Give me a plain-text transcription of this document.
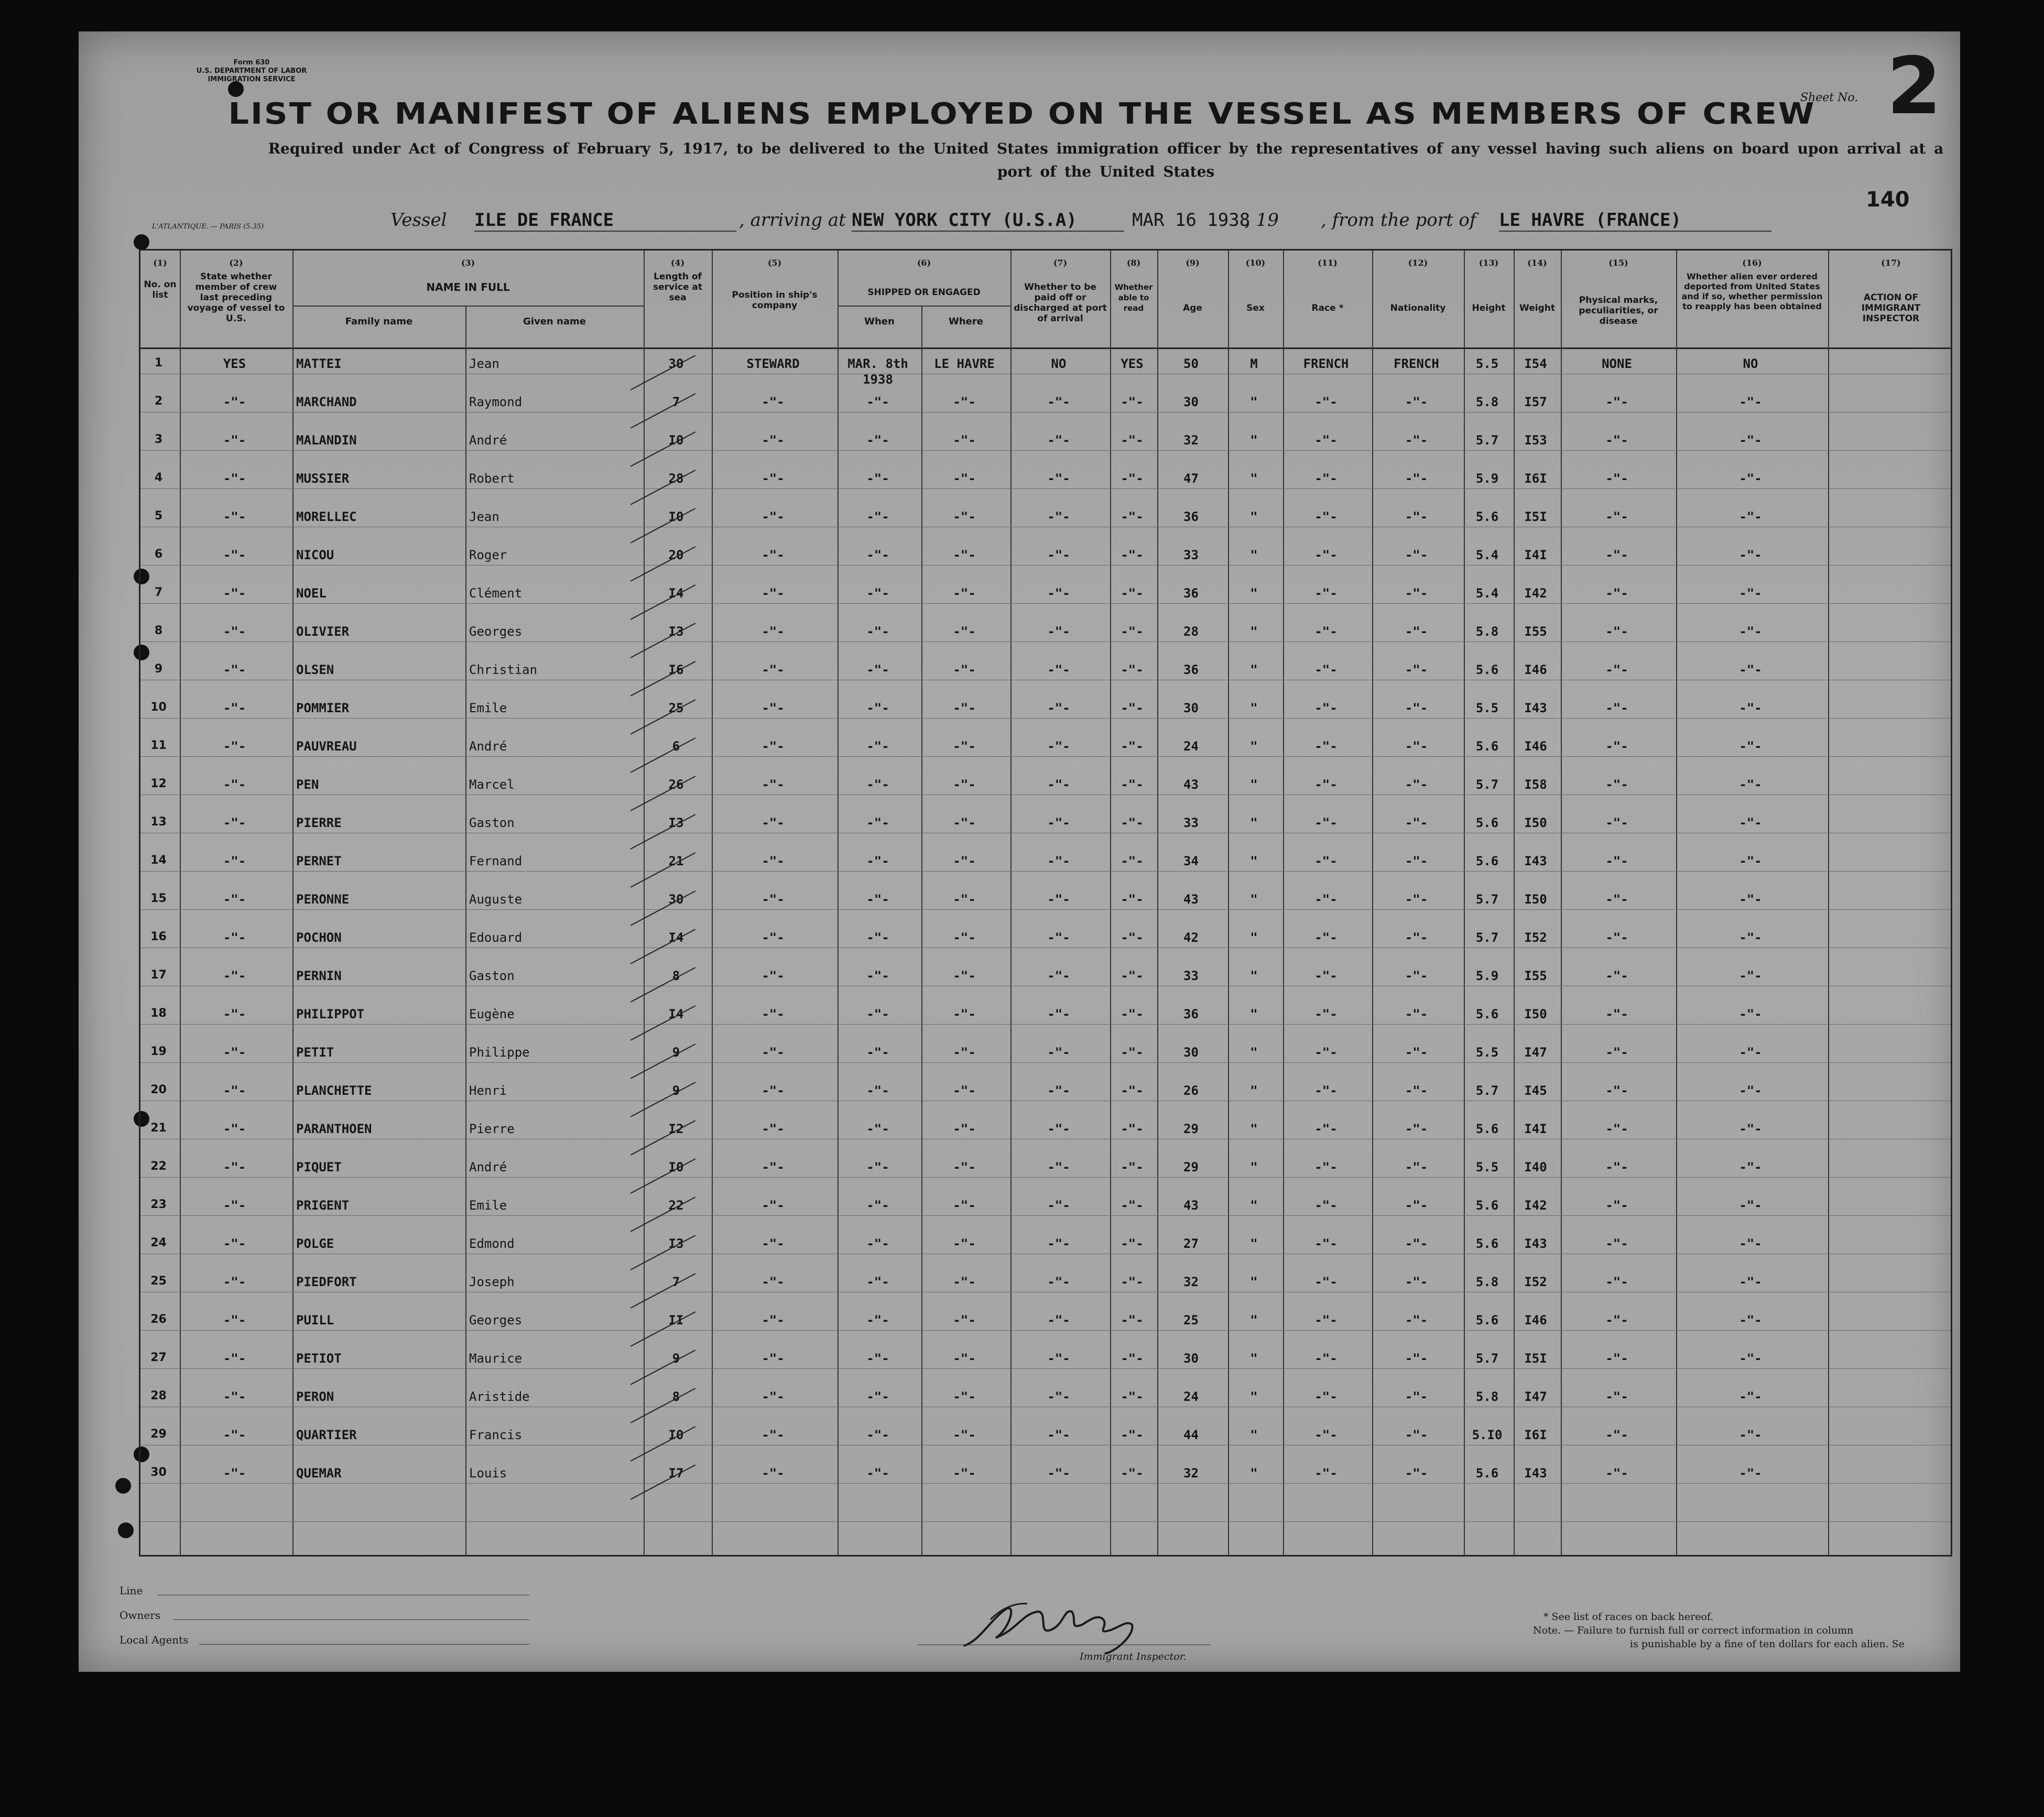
Form 630
U.S. DEPARTMENT OF LABOR
IMMIGRATION SERVICE
LIST OR MANIFEST OF ALIENS EMPLOYED ON THE VESSEL AS MEMBERS OF CREW
Required under Act of Congress of February 5, 1917, to be delivered to the United States immigration officer by the representatives of any vessel having such aliens on board upon arrival at a port of the United States
Sheet No. 2
140
L'ATLANTIQUE. — PARIS (5.35)	Vessel ILE DE FRANCE	, arriving at NEW YORK CITY (U.S.A)	MAR 16 1938
, 19 , from the port of LE HAVRE (FRANCE)
(1)
No. on list
(2)
State whether member of crew last preceding voyage of vessel to U.S.
(3)
NAME IN FULL
Family name	Given name
(4)
Length of service at sea
(5)
Position in ship's company
(6)
SHIPPED OR ENGAGED
When	Where
(7)
Whether to be paid off or discharged at port of arrival
(8)
Whether able to read
(9)
Age
(10)
Sex
(11)
Race *
(12)
Nationality
(13)
Height
(14)
Weight
(15)
Physical marks, peculiarities, or disease
(16)
Whether alien ever ordered deported from United States and if so, whether permission to reapply has been obtained
(17)
ACTION OF IMMIGRANT INSPECTOR
1	YES	MATTEI	Jean	30	STEWARD	MAR. 8th
1938
LE HAVRE	NO	YES	50	M	FRENCH	FRENCH	5.5	I54	NONE	NO
2	-"-	MARCHAND	Raymond	7	-"-	-"-	-"-	-"-	-"-	30	"	-"-	-"-	5.8	I57	-"-	-"-
3	-"-	MALANDIN	André	I0	-"-	-"-	-"-	-"-	-"-	32	"	-"-	-"-	5.7	I53	-"-	-"-
4	-"-	MUSSIER	Robert	28	-"-	-"-	-"-	-"-	-"-	47	"	-"-	-"-	5.9	I6I	-"-	-"-
5	-"-	MORELLEC	Jean	I0	-"-	-"-	-"-	-"-	-"-	36	"	-"-	-"-	5.6	I5I	-"-	-"-
6	-"-	NICOU	Roger	20	-"-	-"-	-"-	-"-	-"-	33	"	-"-	-"-	5.4	I4I	-"-	-"-
7	-"-	NOEL	Clément	I4	-"-	-"-	-"-	-"-	-"-	36	"	-"-	-"-	5.4	I42	-"-	-"-
8	-"-	OLIVIER	Georges	I3	-"-	-"-	-"-	-"-	-"-	28	"	-"-	-"-	5.8	I55	-"-	-"-
9	-"-	OLSEN	Christian	I6	-"-	-"-	-"-	-"-	-"-	36	"	-"-	-"-	5.6	I46	-"-	-"-
10	-"-	POMMIER	Emile	25	-"-	-"-	-"-	-"-	-"-	30	"	-"-	-"-	5.5	I43	-"-	-"-
11	-"-	PAUVREAU	André	6	-"-	-"-	-"-	-"-	-"-	24	"	-"-	-"-	5.6	I46	-"-	-"-
12	-"-	PEN	Marcel	26	-"-	-"-	-"-	-"-	-"-	43	"	-"-	-"-	5.7	I58	-"-	-"-
13	-"-	PIERRE	Gaston	I3	-"-	-"-	-"-	-"-	-"-	33	"	-"-	-"-	5.6	I50	-"-	-"-
14	-"-	PERNET	Fernand	21	-"-	-"-	-"-	-"-	-"-	34	"	-"-	-"-	5.6	I43	-"-	-"-
15	-"-	PERONNE	Auguste	30	-"-	-"-	-"-	-"-	-"-	43	"	-"-	-"-	5.7	I50	-"-	-"-
16	-"-	POCHON	Edouard	I4	-"-	-"-	-"-	-"-	-"-	42	"	-"-	-"-	5.7	I52	-"-	-"-
17	-"-	PERNIN	Gaston	8	-"-	-"-	-"-	-"-	-"-	33	"	-"-	-"-	5.9	I55	-"-	-"-
18	-"-	PHILIPPOT	Eugène	I4	-"-	-"-	-"-	-"-	-"-	36	"	-"-	-"-	5.6	I50	-"-	-"-
19	-"-	PETIT	Philippe	9	-"-	-"-	-"-	-"-	-"-	30	"	-"-	-"-	5.5	I47	-"-	-"-
20	-"-	PLANCHETTE	Henri	9	-"-	-"-	-"-	-"-	-"-	26	"	-"-	-"-	5.7	I45	-"-	-"-
21	-"-	PARANTHOEN	Pierre	I2	-"-	-"-	-"-	-"-	-"-	29	"	-"-	-"-	5.6	I4I	-"-	-"-
22	-"-	PIQUET	André	I0	-"-	-"-	-"-	-"-	-"-	29	"	-"-	-"-	5.5	I40	-"-	-"-
23	-"-	PRIGENT	Emile	22	-"-	-"-	-"-	-"-	-"-	43	"	-"-	-"-	5.6	I42	-"-	-"-
24	-"-	POLGE	Edmond	I3	-"-	-"-	-"-	-"-	-"-	27	"	-"-	-"-	5.6	I43	-"-	-"-
25	-"-	PIEDFORT	Joseph	7	-"-	-"-	-"-	-"-	-"-	32	"	-"-	-"-	5.8	I52	-"-	-"-
26	-"-	PUILL	Georges	II	-"-	-"-	-"-	-"-	-"-	25	"	-"-	-"-	5.6	I46	-"-	-"-
27	-"-	PETIOT	Maurice	9	-"-	-"-	-"-	-"-	-"-	30	"	-"-	-"-	5.7	I5I	-"-	-"-
28	-"-	PERON	Aristide	8	-"-	-"-	-"-	-"-	-"-	24	"	-"-	-"-	5.8	I47	-"-	-"-
29	-"-	QUARTIER	Francis	I0	-"-	-"-	-"-	-"-	-"-	44	"	-"-	-"-	5.I0	I6I	-"-	-"-
30	-"-	QUEMAR	Louis	I7	-"-	-"-	-"-	-"-	-"-	32	"	-"-	-"-	5.6	I43	-"-	-"-
Line
Owners
Local Agents
Immigrant Inspector.
* See list of races on back hereof.
Note. — Failure to furnish full or correct information in column
is punishable by a fine of ten dollars for each alien. Se
